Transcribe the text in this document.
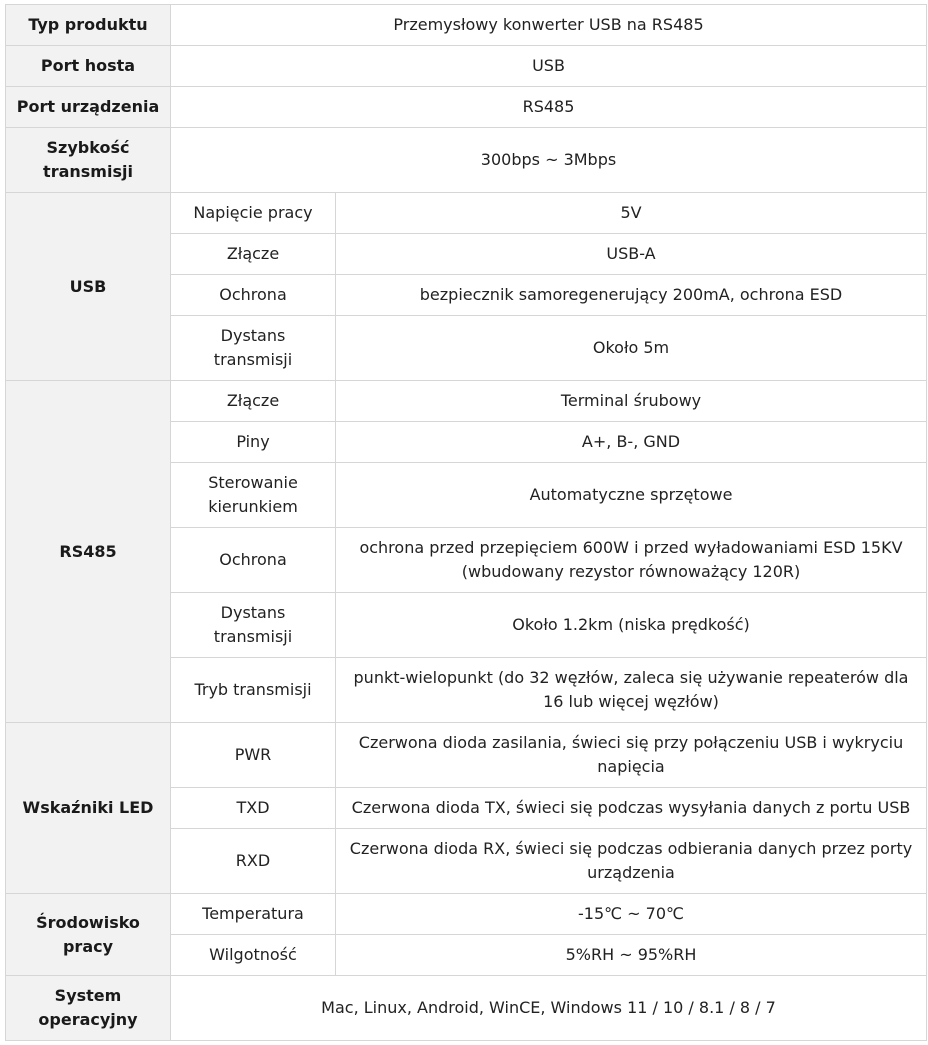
Typ produktu	Przemysłowy konwerter USB na RS485	
Port hosta	USB	
Port urządzenia	RS485	
Szybkość transmisji	300bps ~ 3Mbps	
USB	Napięcie pracy	5V
	Złącze	USB-A
	Ochrona	bezpiecznik samoregenerujący 200mA, ochrona ESD
	Dystans transmisji	Około 5m
RS485	Złącze	Terminal śrubowy
	Piny	A+, B-, GND
	Sterowanie kierunkiem	Automatyczne sprzętowe
	Ochrona	ochrona przed przepięciem 600W i przed wyładowaniami ESD 15KV (wbudowany rezystor równoważący 120R)
	Dystans transmisji	Około 1.2km (niska prędkość)
	Tryb transmisji	punkt-wielopunkt (do 32 węzłów, zaleca się używanie repeaterów dla 16 lub więcej węzłów)
Wskaźniki LED	PWR	Czerwona dioda zasilania, świeci się przy połączeniu USB i wykryciu napięcia
	TXD	Czerwona dioda TX, świeci się podczas wysyłania danych z portu USB
	RXD	Czerwona dioda RX, świeci się podczas odbierania danych przez porty urządzenia
Środowisko pracy	Temperatura	-15℃ ~ 70℃
	Wilgotność	5%RH ~ 95%RH
System operacyjny	Mac, Linux, Android, WinCE, Windows 11 / 10 / 8.1 / 8 / 7	
